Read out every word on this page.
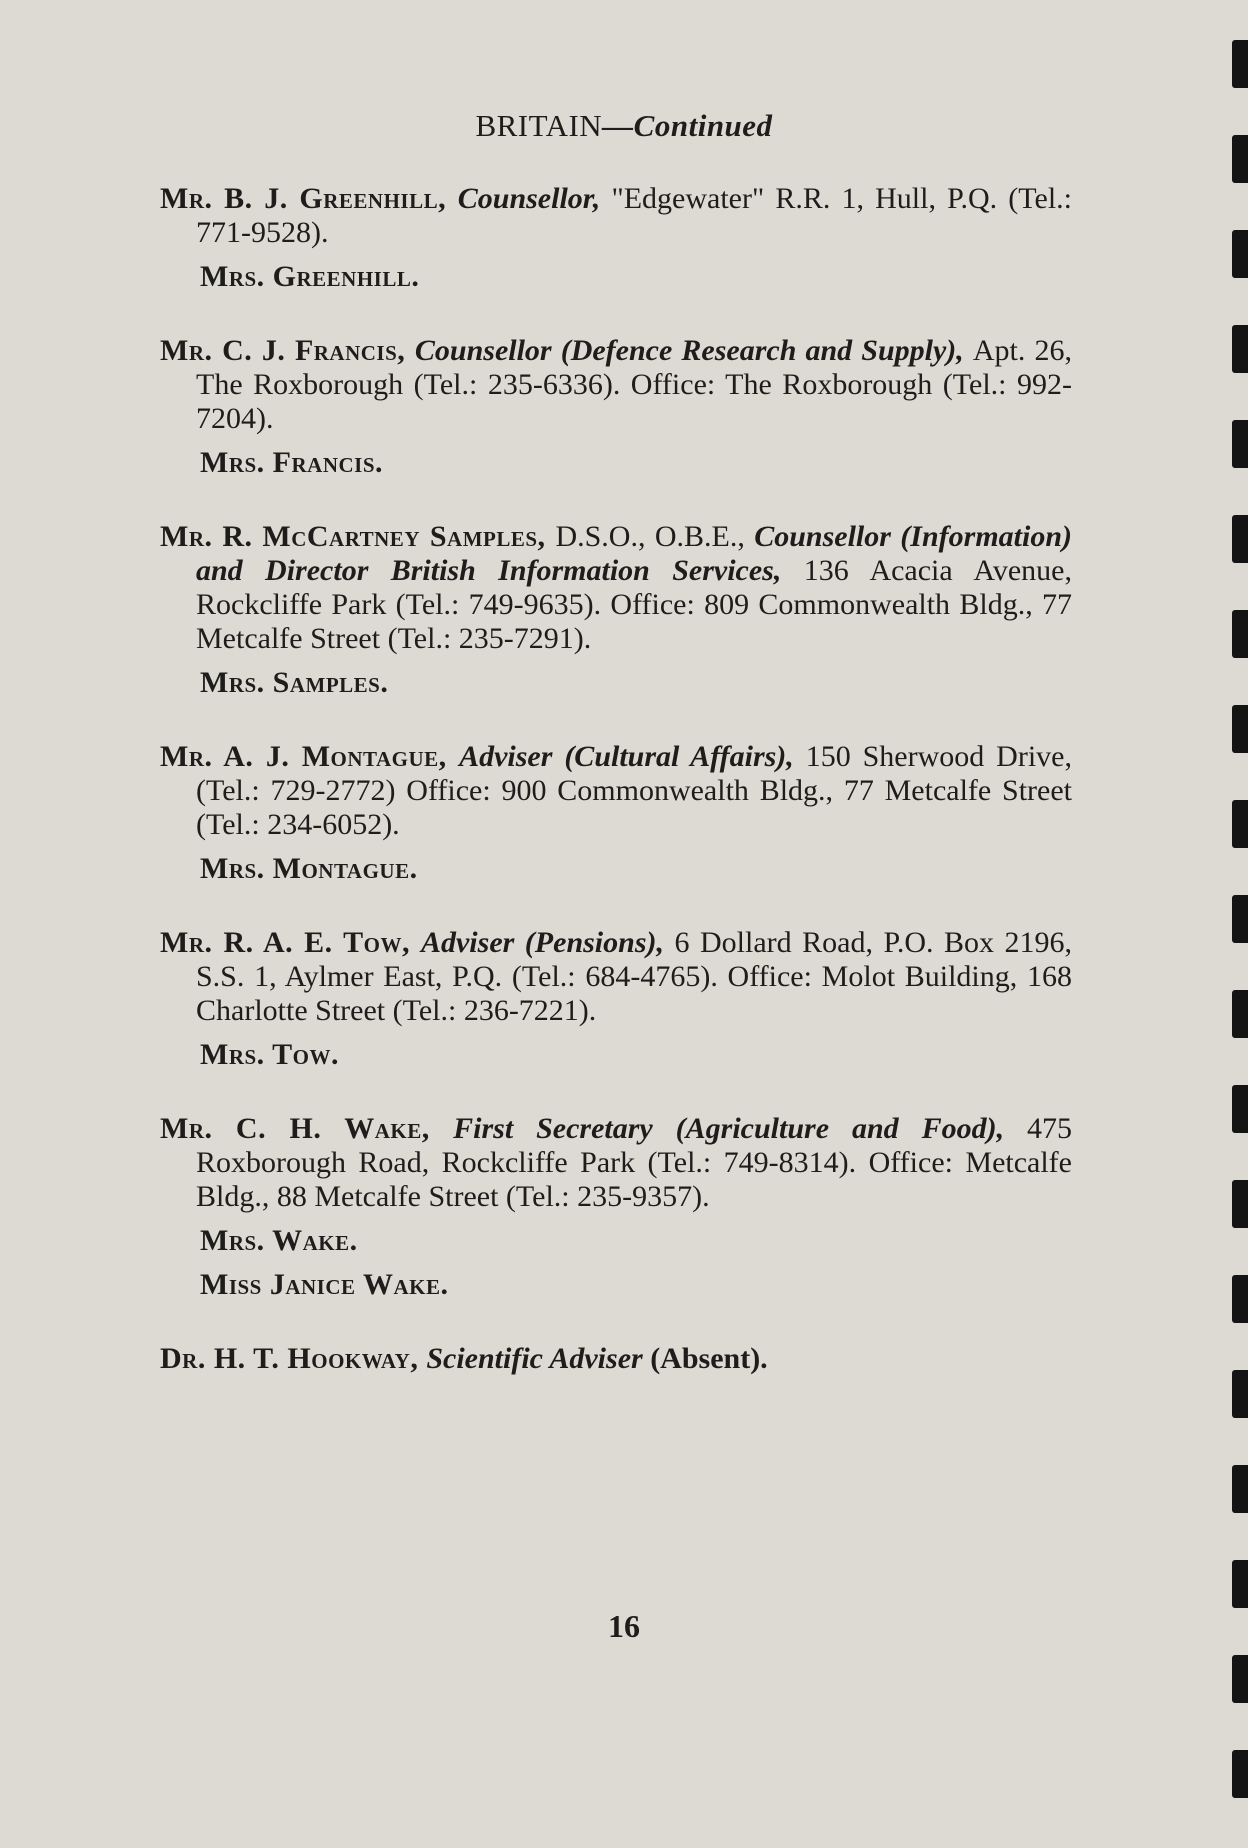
BRITAIN—Continued
Mr. B. J. Greenhill, Counsellor, "Edgewater" R.R. 1, Hull, P.Q. (Tel.: 771-9528).
Mrs. Greenhill.
Mr. C. J. Francis, Counsellor (Defence Research and Supply), Apt. 26, The Roxborough (Tel.: 235-6336). Office: The Roxborough (Tel.: 992-7204).
Mrs. Francis.
Mr. R. McCartney Samples, D.S.O., O.B.E., Counsellor (Information) and Director British Information Services, 136 Acacia Avenue, Rockcliffe Park (Tel.: 749-9635). Office: 809 Commonwealth Bldg., 77 Metcalfe Street (Tel.: 235-7291).
Mrs. Samples.
Mr. A. J. Montague, Adviser (Cultural Affairs), 150 Sherwood Drive, (Tel.: 729-2772) Office: 900 Commonwealth Bldg., 77 Metcalfe Street (Tel.: 234-6052).
Mrs. Montague.
Mr. R. A. E. Tow, Adviser (Pensions), 6 Dollard Road, P.O. Box 2196, S.S. 1, Aylmer East, P.Q. (Tel.: 684-4765). Office: Molot Building, 168 Charlotte Street (Tel.: 236-7221).
Mrs. Tow.
Mr. C. H. Wake, First Secretary (Agriculture and Food), 475 Roxborough Road, Rockcliffe Park (Tel.: 749-8314). Office: Metcalfe Bldg., 88 Metcalfe Street (Tel.: 235-9357).
Mrs. Wake.
Miss Janice Wake.
Dr. H. T. Hookway, Scientific Adviser (Absent).
16
